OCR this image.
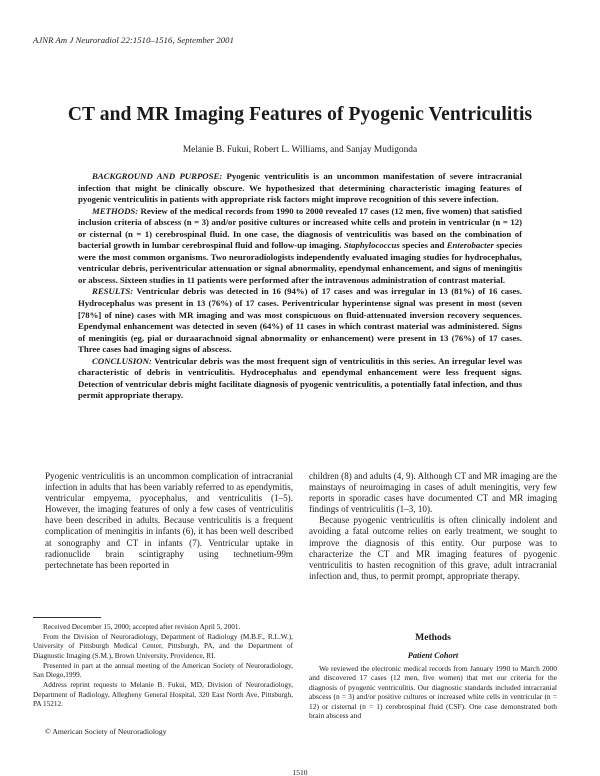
AJNR Am J Neuroradiol 22:1510–1516, September 2001
CT and MR Imaging Features of Pyogenic Ventriculitis
Melanie B. Fukui, Robert L. Williams, and Sanjay Mudigonda

BACKGROUND AND PURPOSE: Pyogenic ventriculitis is an uncommon manifestation of severe intracranial infection that might be clinically obscure. We hypothesized that determining characteristic imaging features of pyogenic ventriculitis in patients with appropriate risk factors might improve recognition of this severe infection.

METHODS: Review of the medical records from 1990 to 2000 revealed 17 cases (12 men, five women) that satisfied inclusion criteria of abscess (n = 3) and/or positive cultures or increased white cells and protein in ventricular (n = 12) or cisternal (n = 1) cerebrospinal fluid. In one case, the diagnosis of ventriculitis was based on the combination of bacterial growth in lumbar cerebrospinal fluid and follow-up imaging. Staphylococcus species and Enterobacter species were the most common organisms. Two neuroradiologists independently evaluated imaging studies for hydrocephalus, ventricular debris, periventricular attenuation or signal abnormality, ependymal enhancement, and signs of meningitis or abscess. Sixteen studies in 11 patients were performed after the intravenous administration of contrast material.

RESULTS: Ventricular debris was detected in 16 (94%) of 17 cases and was irregular in 13 (81%) of 16 cases. Hydrocephalus was present in 13 (76%) of 17 cases. Periventricular hyperintense signal was present in most (seven [78%] of nine) cases with MR imaging and was most conspicuous on fluid-attenuated inversion recovery sequences. Ependymal enhancement was detected in seven (64%) of 11 cases in which contrast material was administered. Signs of meningitis (eg, pial or duraarachnoid signal abnormality or enhancement) were present in 13 (76%) of 17 cases. Three cases had imaging signs of abscess.

CONCLUSION: Ventricular debris was the most frequent sign of ventriculitis in this series. An irregular level was characteristic of debris in ventriculitis. Hydrocephalus and ependymal enhancement were less frequent signs. Detection of ventricular debris might facilitate diagnosis of pyogenic ventriculitis, a potentially fatal infection, and thus permit appropriate therapy.

Pyogenic ventriculitis is an uncommon complication of intracranial infection in adults that has been variably referred to as ependymitis, ventricular empyema, pyocephalus, and ventriculitis (1–5). However, the imaging features of only a few cases of ventriculitis have been described in adults. Because ventriculitis is a frequent complication of meningitis in infants (6), it has been well described at sonography and CT in infants (7). Ventricular uptake in radionuclide brain scintigraphy using technetium-99m pertechnetate has been reported in

children (8) and adults (4, 9). Although CT and MR imaging are the mainstays of neuroimaging in cases of adult meningitis, very few reports in sporadic cases have documented CT and MR imaging findings of ventriculitis (1–3, 10).

Because pyogenic ventriculitis is often clinically indolent and avoiding a fatal outcome relies on early treatment, we sought to improve the diagnosis of this entity. Our purpose was to characterize the CT and MR imaging features of pyogenic ventriculitis to hasten recognition of this grave, adult intracranial infection and, thus, to permit prompt, appropriate therapy.

Received December 15, 2000; accepted after revision April 5, 2001.

From the Division of Neuroradiology, Department of Radiology (M.B.F., R.L.W.), University of Pittsburgh Medical Center, Pittsburgh, PA, and the Department of Diagnostic Imaging (S.M.), Brown University, Providence, RI.

Presented in part at the annual meeting of the American Society of Neuroradiology, San Diego,1999.

Address reprint requests to Melanie B. Fukui, MD, Division of Neuroradiology, Department of Radiology, Allegheny General Hospital, 320 East North Ave, Pittsburgh, PA 15212.

© American Society of Neuroradiology
Methods
Patient Cohort

We reviewed the electronic medical records from January 1990 to March 2000 and discovered 17 cases (12 men, five women) that met our criteria for the diagnosis of pyogenic ventriculitis. Our diagnostic standards included intracranial abscess (n = 3) and/or positive cultures or increased white cells in ventricular (n = 12) or cisternal (n = 1) cerebrospinal fluid (CSF). One case demonstrated both brain abscess and

1510
